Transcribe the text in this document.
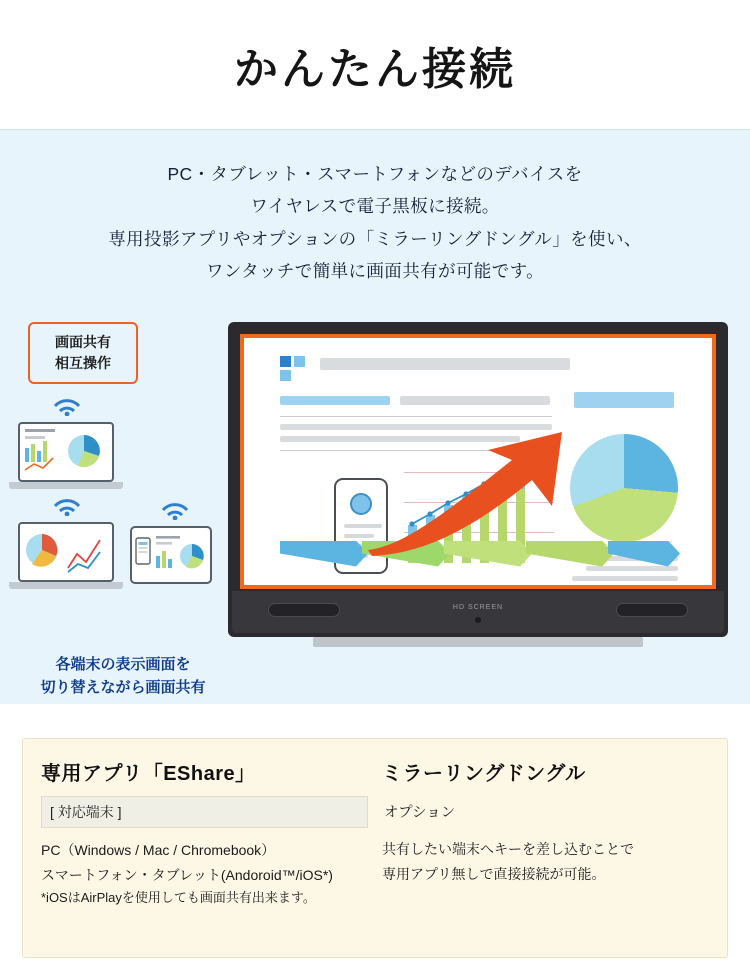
かんたん接続

PC・タブレット・スマートフォンなどのデバイスを

ワイヤレスで電子黒板に接続。

専用投影アプリやオプションの「ミラーリングドングル」を使い、

ワンタッチで簡単に画面共有が可能です。

画面共有
相互操作
各端末の表示画面を
切り替えながら画面共有
HD SCREEN
専用アプリ「EShare」
[ 対応端末 ]

PC（Windows / Mac / Chromebook）

スマートフォン・タブレット(Andoroid™/iOS*)

*iOSはAirPlayを使用しても画面共有出来ます。

ミラーリングドングル
オプション

共有したい端末へキーを差し込むことで

専用アプリ無しで直接接続が可能。
